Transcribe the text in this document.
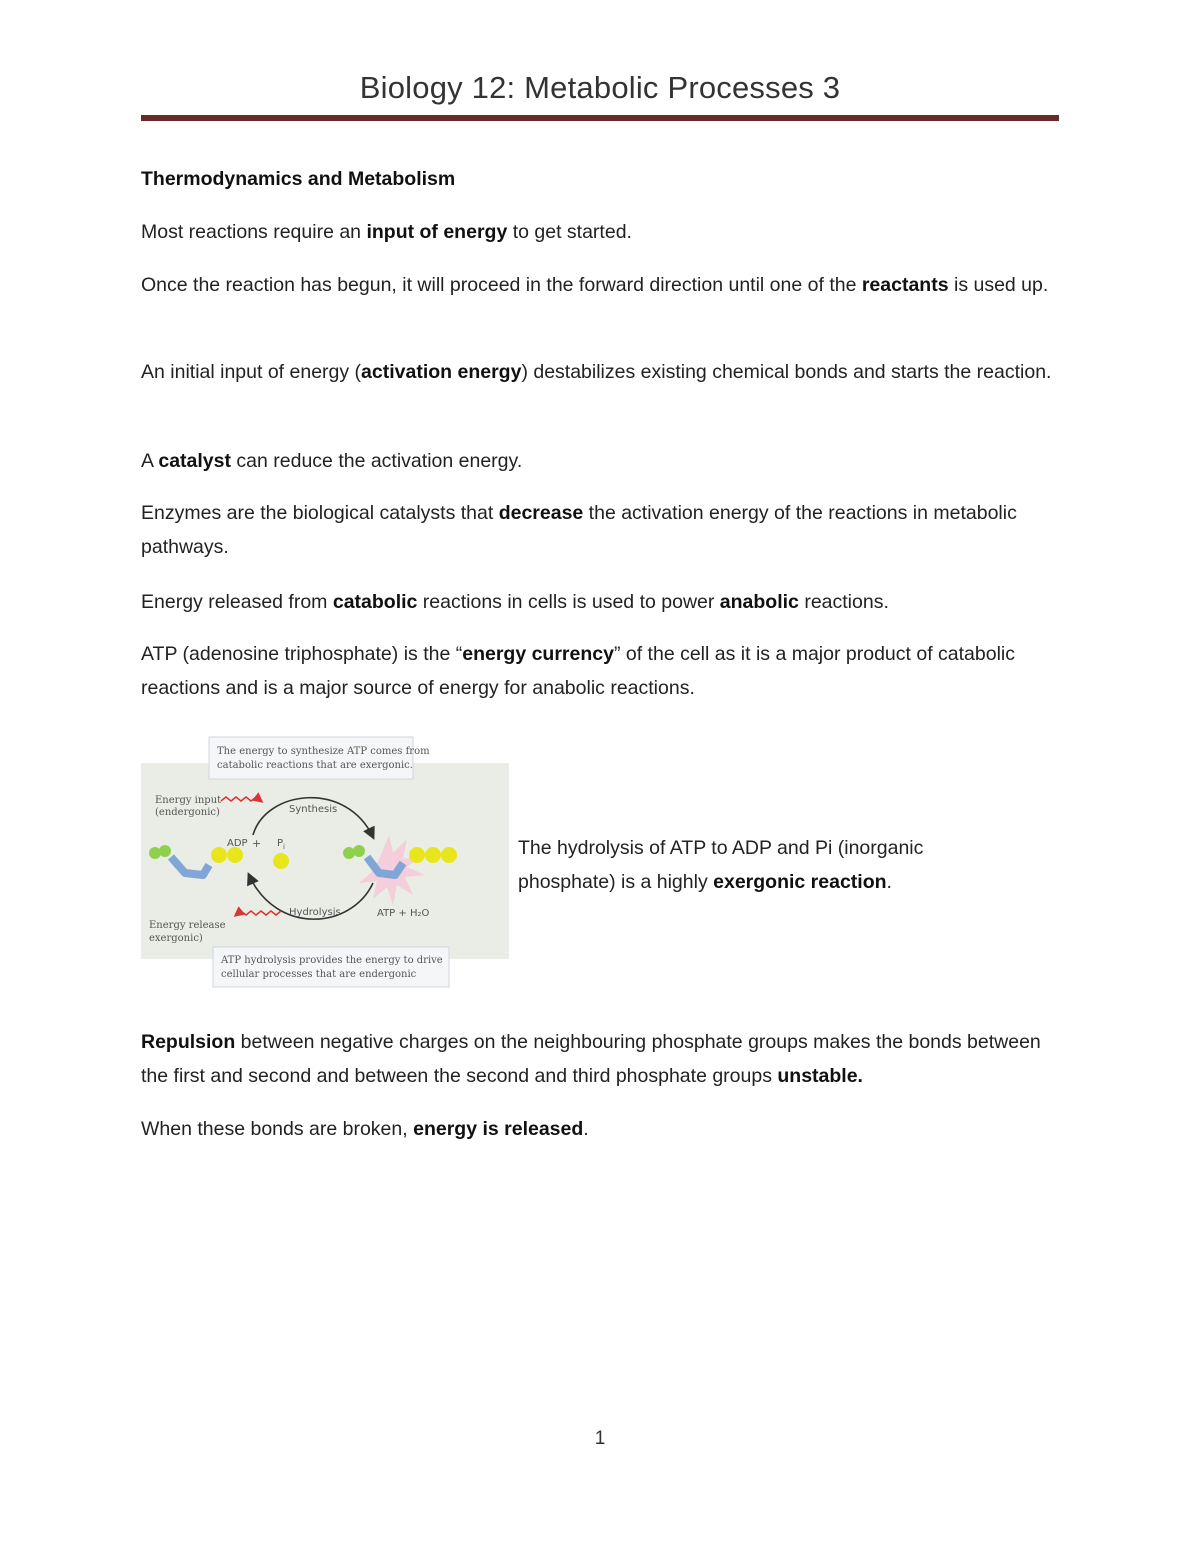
Biology 12: Metabolic Processes 3
Thermodynamics and Metabolism
Most reactions require an input of energy to get started.
Once the reaction has begun, it will proceed in the forward direction until one of the reactants is used up.
An initial input of energy (activation energy) destabilizes existing chemical bonds and starts the reaction.
A catalyst can reduce the activation energy.
Enzymes are the biological catalysts that decrease the activation energy of the reactions in metabolic pathways.
Energy released from catabolic reactions in cells is used to power anabolic reactions.
ATP (adenosine triphosphate) is the “energy currency” of the cell as it is a major product of catabolic reactions and is a major source of energy for anabolic reactions.
Repulsion between negative charges on the neighbouring phosphate groups makes the bonds between the first and second and between the second and third phosphate groups unstable.
When these bonds are broken, energy is released.
The energy to synthesize ATP comes from
catabolic reactions that are exergonic.
Energy input
(endergonic)	Synthesis
Hydrolysis
ADP + $P_i$
ATP + H₂O
Energy release
exergonic)
ATP hydrolysis provides the energy to drive
cellular processes that are endergonic
The hydrolysis of ATP to ADP and Pi (inorganic phosphate) is a highly exergonic reaction.
1
